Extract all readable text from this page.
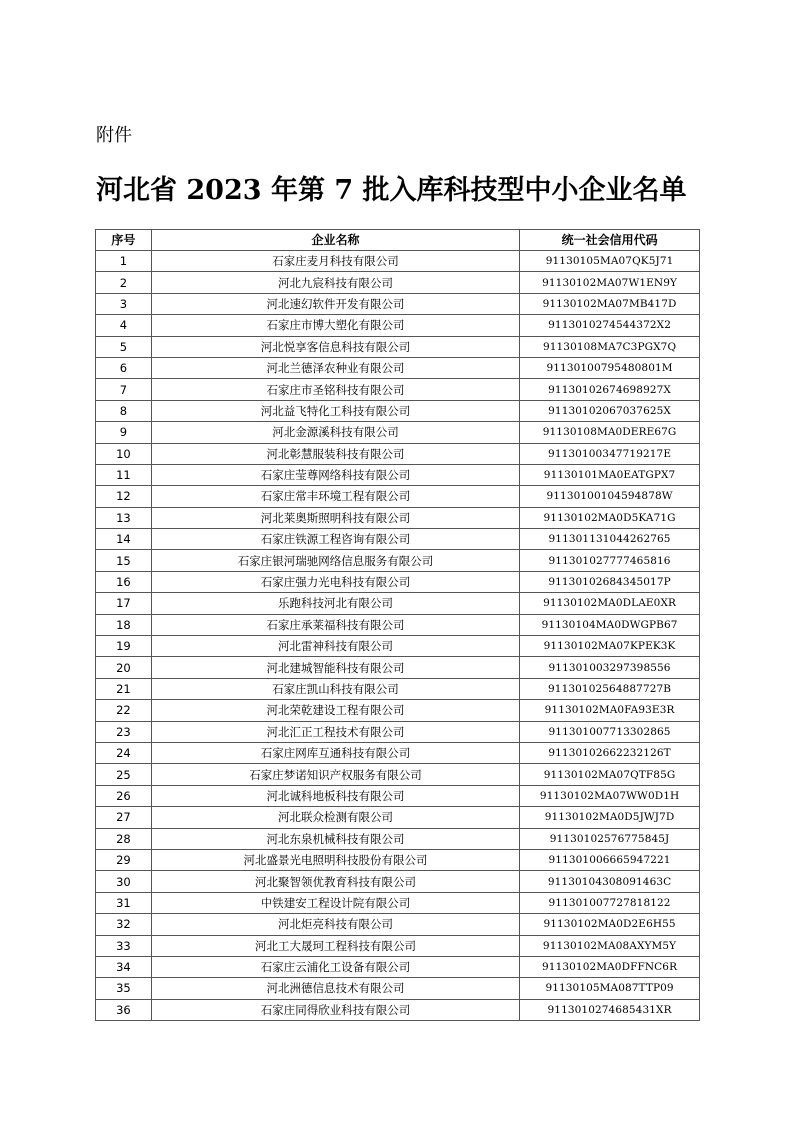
附件
河北省 2023 年第 7 批入库科技型中小企业名单
序号	企业名称	统一社会信用代码
1	石家庄麦月科技有限公司	91130105MA07QK5J71
2	河北九宸科技有限公司	91130102MA07W1EN9Y
3	河北速幻软件开发有限公司	91130102MA07MB417D
4	石家庄市博大塑化有限公司	9113010274544372X2
5	河北悦享客信息科技有限公司	91130108MA7C3PGX7Q
6	河北兰德泽农种业有限公司	91130100795480801M
7	石家庄市圣铭科技有限公司	91130102674698927X
8	河北益飞特化工科技有限公司	91130102067037625X
9	河北金源溪科技有限公司	91130108MA0DERE67G
10	河北彰慧服装科技有限公司	91130100347719217E
11	石家庄莹尊网络科技有限公司	91130101MA0EATGPX7
12	石家庄常丰环境工程有限公司	91130100104594878W
13	河北莱奥斯照明科技有限公司	91130102MA0D5KA71G
14	石家庄铁源工程咨询有限公司	911301131044262765
15	石家庄银河瑞驰网络信息服务有限公司	911301027777465816
16	石家庄强力光电科技有限公司	91130102684345017P
17	乐跑科技河北有限公司	91130102MA0DLAE0XR
18	石家庄承莱福科技有限公司	91130104MA0DWGPB67
19	河北雷神科技有限公司	91130102MA07KPEK3K
20	河北建城智能科技有限公司	911301003297398556
21	石家庄凯山科技有限公司	91130102564887727B
22	河北荣乾建设工程有限公司	91130102MA0FA93E3R
23	河北汇正工程技术有限公司	911301007713302865
24	石家庄网库互通科技有限公司	91130102662232126T
25	石家庄梦诺知识产权服务有限公司	91130102MA07QTF85G
26	河北诚科地板科技有限公司	91130102MA07WW0D1H
27	河北联众检测有限公司	91130102MA0D5JWJ7D
28	河北东泉机械科技有限公司	91130102576775845J
29	河北盛景光电照明科技股份有限公司	911301006665947221
30	河北聚智领优教育科技有限公司	91130104308091463C
31	中铁建安工程设计院有限公司	911301007727818122
32	河北炬亮科技有限公司	91130102MA0D2E6H55
33	河北工大晟珂工程科技有限公司	91130102MA08AXYM5Y
34	石家庄云浦化工设备有限公司	91130102MA0DFFNC6R
35	河北洲德信息技术有限公司	91130105MA087TTP09
36	石家庄同得欣业科技有限公司	9113010274685431XR
